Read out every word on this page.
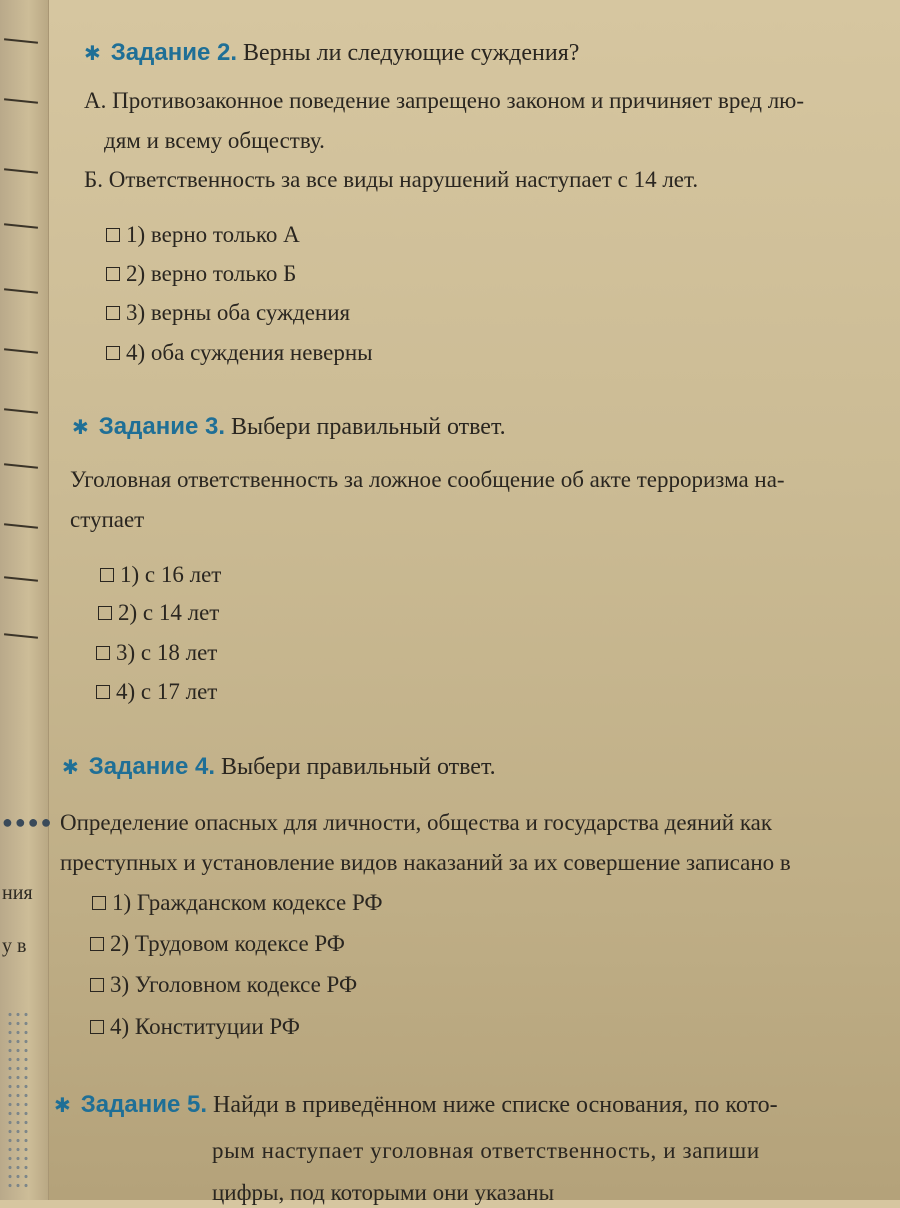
●●●●
ния
у в
✱ Задание 2. Верны ли следующие суждения?
А. Противозаконное поведение запрещено законом и причиняет вред лю-
дям и всему обществу.
Б. Ответственность за все виды нарушений наступает с 14 лет.
1) верно только А
2) верно только Б
3) верны оба суждения
4) оба суждения неверны
✱ Задание 3. Выбери правильный ответ.
Уголовная ответственность за ложное сообщение об акте терроризма на-
ступает
1) с 16 лет
2) с 14 лет
3) с 18 лет
4) с 17 лет
✱ Задание 4. Выбери правильный ответ.
Определение опасных для личности, общества и государства деяний как
преступных и установление видов наказаний за их совершение записано в
1) Гражданском кодексе РФ
2) Трудовом кодексе РФ
3) Уголовном кодексе РФ
4) Конституции РФ
✱ Задание 5. Найди в приведённом ниже списке основания, по кото-
рым наступает уголовная ответственность, и запиши
цифры, под которыми они указаны
